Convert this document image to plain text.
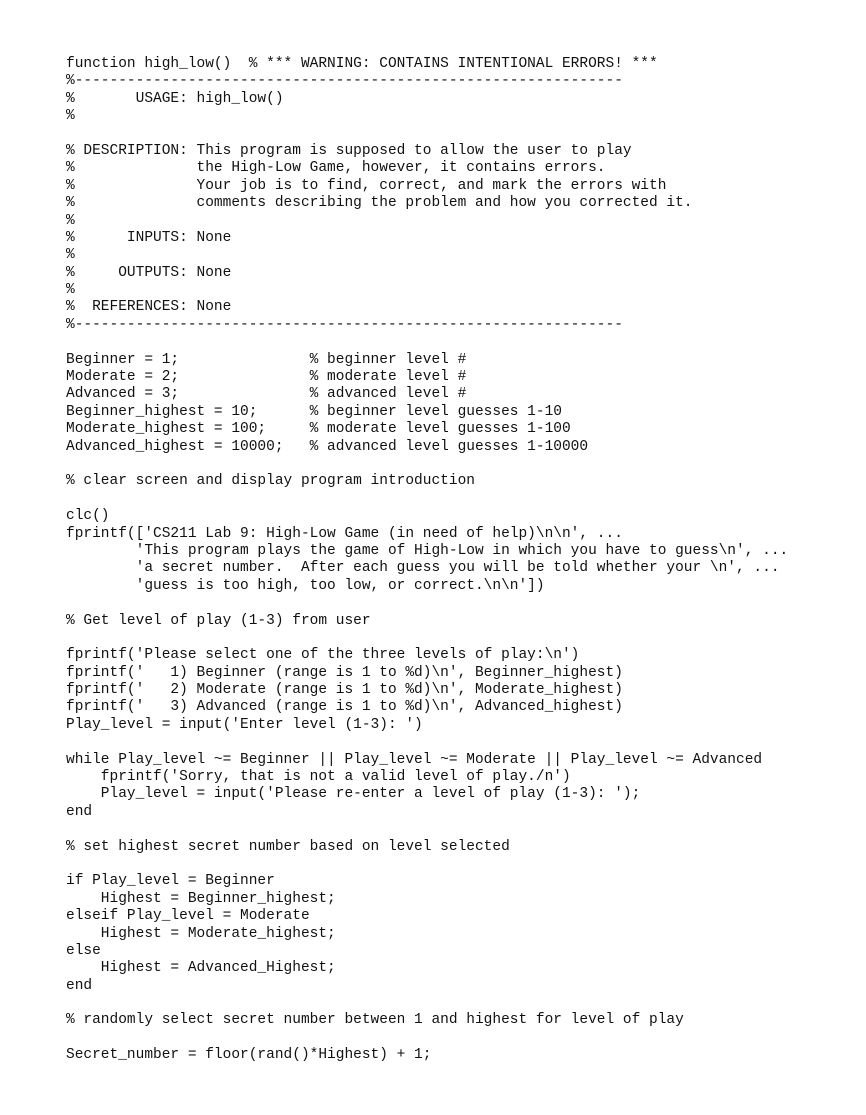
function high_low()  % *** WARNING: CONTAINS INTENTIONAL ERRORS! ***
%---------------------------------------------------------------
%       USAGE: high_low()
%
% DESCRIPTION: This program is supposed to allow the user to play
%              the High-Low Game, however, it contains errors.
%              Your job is to find, correct, and mark the errors with
%              comments describing the problem and how you corrected it.
%
%      INPUTS: None
%
%     OUTPUTS: None
%
%  REFERENCES: None
%---------------------------------------------------------------
Beginner = 1;               % beginner level #
Moderate = 2;               % moderate level #
Advanced = 3;               % advanced level #
Beginner_highest = 10;      % beginner level guesses 1-10
Moderate_highest = 100;     % moderate level guesses 1-100
Advanced_highest = 10000;   % advanced level guesses 1-10000
% clear screen and display program introduction
clc()
fprintf(['CS211 Lab 9: High-Low Game (in need of help)\n\n', ...
'This program plays the game of High-Low in which you have to guess\n', ...
'a secret number.  After each guess you will be told whether your \n', ...
'guess is too high, too low, or correct.\n\n'])
% Get level of play (1-3) from user
fprintf('Please select one of the three levels of play:\n')
fprintf('   1) Beginner (range is 1 to %d)\n', Beginner_highest)
fprintf('   2) Moderate (range is 1 to %d)\n', Moderate_highest)
fprintf('   3) Advanced (range is 1 to %d)\n', Advanced_highest)
Play_level = input('Enter level (1-3): ')
while Play_level ~= Beginner || Play_level ~= Moderate || Play_level ~= Advanced
fprintf('Sorry, that is not a valid level of play./n')
Play_level = input('Please re-enter a level of play (1-3): ');
end
% set highest secret number based on level selected
if Play_level = Beginner
Highest = Beginner_highest;
elseif Play_level = Moderate
Highest = Moderate_highest;
else
Highest = Advanced_Highest;
end
% randomly select secret number between 1 and highest for level of play
Secret_number = floor(rand()*Highest) + 1;
